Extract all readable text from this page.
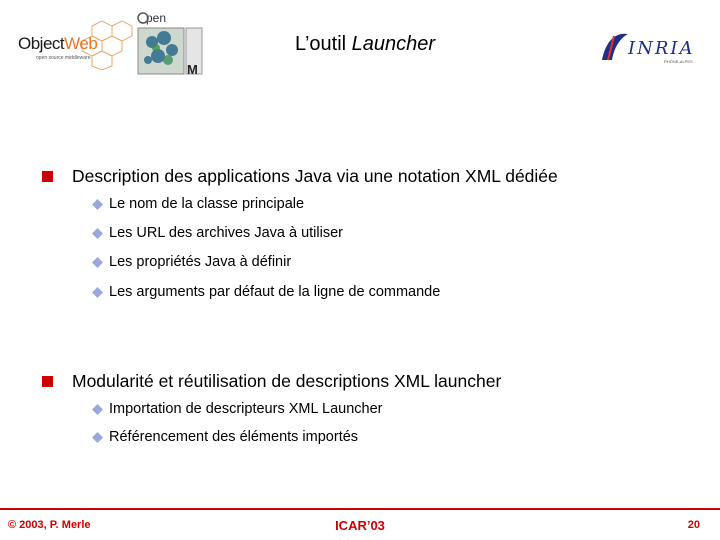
ObjectWeb
open source middleware
pen
M
L’outil Launcher	INRIA
RHÔNE-ALPES
Description des applications Java via une notation XML dédiée
Le nom de la classe principale
Les URL des archives Java à utiliser
Les propriétés Java à définir
Les arguments par défaut de la ligne de commande
Modularité et réutilisation de descriptions XML launcher
Importation de descripteurs XML Launcher
Référencement des éléments importés
© 2003, P. Merle	ICAR’03	20
